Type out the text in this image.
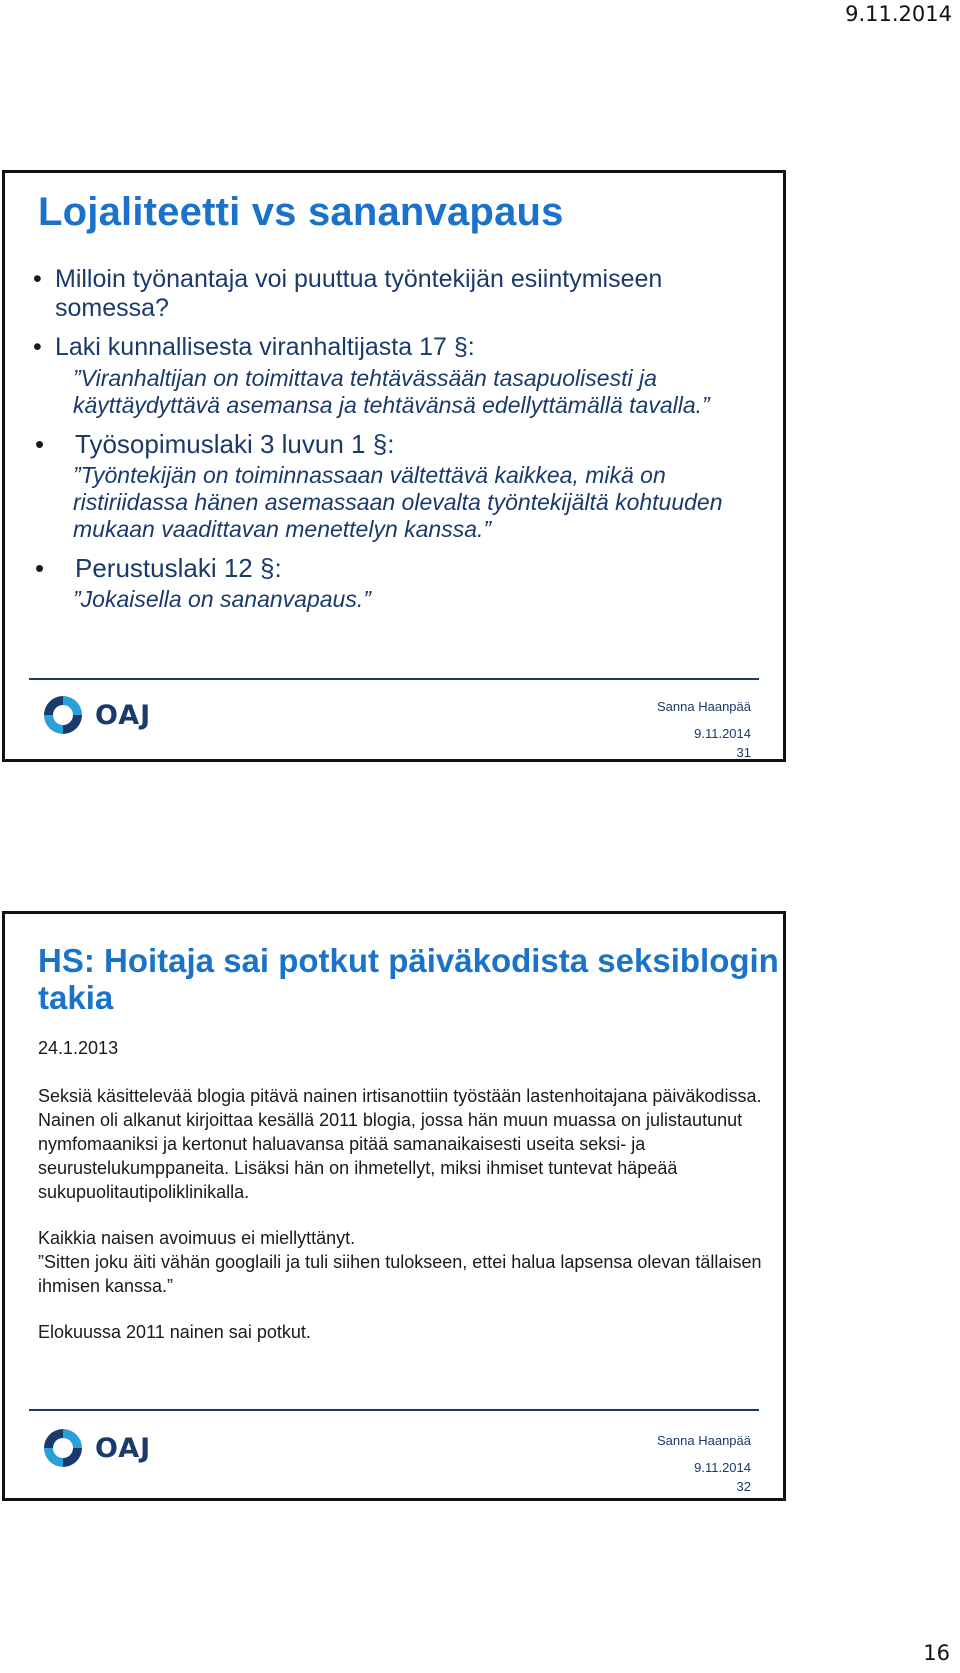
9.11.2014
Lojaliteetti vs sananvapaus
• Milloin työnantaja voi puuttua työntekijän esiintymiseen somessa?
• Laki kunnallisesta viranhaltijasta 17 §:
”Viranhaltijan on toimittava tehtävässään tasapuolisesti ja käyttäydyttävä asemansa ja tehtävänsä edellyttämällä tavalla.”
• Työsopimuslaki 3 luvun 1 §:
”Työntekijän on toiminnassaan vältettävä kaikkea, mikä on ristiriidassa hänen asemassaan olevalta työntekijältä kohtuuden mukaan vaadittavan menettelyn kanssa.”
• Perustuslaki 12 §:
”Jokaisella on sananvapaus.”
OAJ	Sanna Haanpää
9.11.2014
31
HS: Hoitaja sai potkut päiväkodista seksiblogin takia

24.1.2013

Seksiä käsittelevää blogia pitävä nainen irtisanottiin työstään lastenhoitajana päiväkodissa. Nainen oli alkanut kirjoittaa kesällä 2011 blogia, jossa hän muun muassa on julistautunut nymfomaaniksi ja kertonut haluavansa pitää samanaikaisesti useita seksi- ja seurustelukumppaneita. Lisäksi hän on ihmetellyt, miksi ihmiset tuntevat häpeää sukupuolitautipoliklinikalla.

Kaikkia naisen avoimuus ei miellyttänyt.

”Sitten joku äiti vähän googlaili ja tuli siihen tulokseen, ettei halua lapsensa olevan tällaisen ihmisen kanssa.”

Elokuussa 2011 nainen sai potkut.

OAJ	Sanna Haanpää
9.11.2014
32
16
